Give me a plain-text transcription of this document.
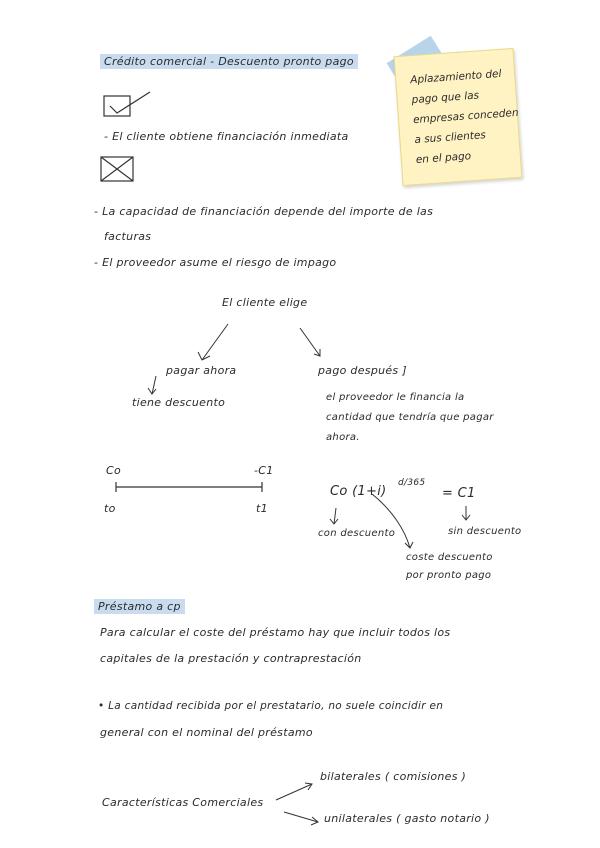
Crédito comercial - Descuento pronto pago
Aplazamiento del
pago que las
empresas conceden
a sus clientes
en el pago
- El cliente obtiene financiación inmediata
- La capacidad de financiación depende del importe de las
facturas
- El proveedor asume el riesgo de impago
El cliente elige
pagar ahora
tiene descuento
pago después ]
el proveedor le financia la
cantidad que tendría que pagar
ahora.
Co	-C1
to	t1
Co (1+i)
d/365
= C1
con descuento	sin descuento
coste descuento
por pronto pago
Préstamo a cp
Para calcular el coste del préstamo hay que incluir todos los
capitales de la prestación y contraprestación
• La cantidad recibida por el prestatario, no suele coincidir en
general con el nominal del préstamo
Características Comerciales
bilaterales ( comisiones )
unilaterales ( gasto notario )
